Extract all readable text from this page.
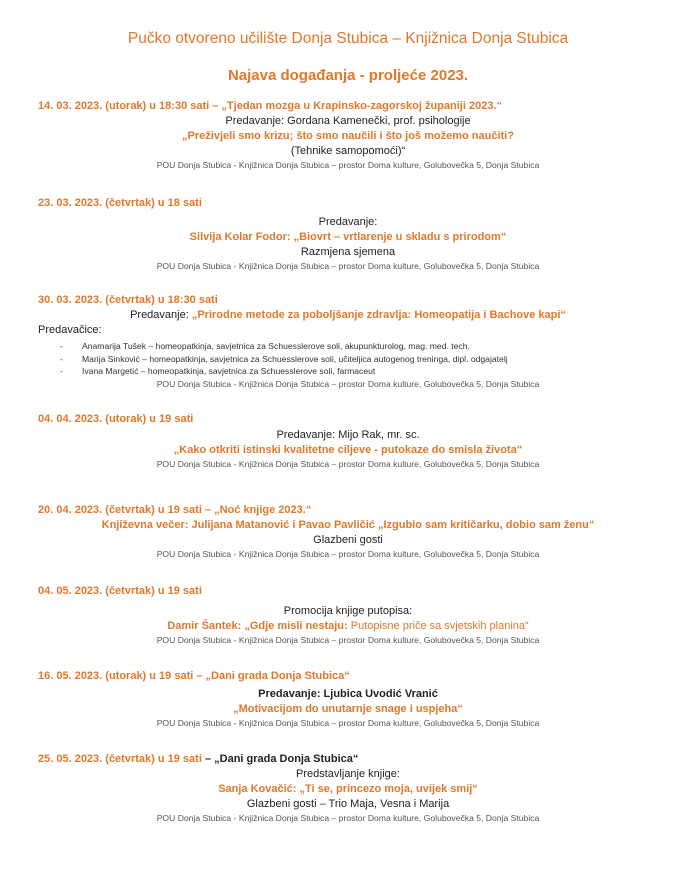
Pučko otvoreno učilište Donja Stubica – Knjižnica Donja Stubica
Najava događanja - proljeće 2023.
14. 03. 2023. (utorak) u 18:30 sati – „Tjedan mozga u Krapinsko-zagorskoj županiji 2023.“
Predavanje: Gordana Kamenečki, prof. psihologije
„Preživjeli smo krizu; što smo naučili i što još možemo naučiti?
(Tehnike samopomoći)“
POU Donja Stubica - Knjižnica Donja Stubica – prostor Doma kulture, Golubovečka 5, Donja Stubica
23. 03. 2023. (četvrtak) u 18 sati
Predavanje:
Silvija Kolar Fodor: „Biovrt – vrtlarenje u skladu s prirodom“
Razmjena sjemena
POU Donja Stubica - Knjižnica Donja Stubica – prostor Doma kulture, Golubovečka 5, Donja Stubica
30. 03. 2023. (četvrtak) u 18:30 sati
Predavanje: „Prirodne metode za poboljšanje zdravlja: Homeopatija i Bachove kapi“
Predavačice:
- Anamarija Tušek – homeopatkinja, savjetnica za Schuesslerove soli, akupunkturolog, mag. med. tech.
- Marija Sinković – homeopatkinja, savjetnica za Schuesslerove soli, učiteljica autogenog treninga, dipl. odgajatelj
- Ivana Margetić – homeopatkinja, savjetnica za Schuesslerove soli, farmaceut
POU Donja Stubica - Knjižnica Donja Stubica – prostor Doma kulture, Golubovečka 5, Donja Stubica
04. 04. 2023. (utorak) u 19 sati
Predavanje: Mijo Rak, mr. sc.
„Kako otkriti istinski kvalitetne ciljeve - putokaze do smisla života“
POU Donja Stubica - Knjižnica Donja Stubica – prostor Doma kulture, Golubovečka 5, Donja Stubica
20. 04. 2023. (četvrtak) u 19 sati – „Noć knjige 2023.“
Književna večer: Julijana Matanović i Pavao Pavličić „Izgubio sam kritičarku, dobio sam ženu“
Glazbeni gosti
POU Donja Stubica - Knjižnica Donja Stubica – prostor Doma kulture, Golubovečka 5, Donja Stubica
04. 05. 2023. (četvrtak) u 19 sati
Promocija knjige putopisa:
Damir Šantek: „Gdje misli nestaju: Putopisne priče sa svjetskih planina“
POU Donja Stubica - Knjižnica Donja Stubica – prostor Doma kulture, Golubovečka 5, Donja Stubica
16. 05. 2023. (utorak) u 19 sati – „Dani grada Donja Stubica“
Predavanje: Ljubica Uvodić Vranić
„Motivacijom do unutarnje snage i uspjeha“
POU Donja Stubica - Knjižnica Donja Stubica – prostor Doma kulture, Golubovečka 5, Donja Stubica
25. 05. 2023. (četvrtak) u 19 sati – „Dani grada Donja Stubica“
Predstavljanje knjige:
Sanja Kovačić: „Ti se, princezo moja, uvijek smij“
Glazbeni gosti – Trio Maja, Vesna i Marija
POU Donja Stubica - Knjižnica Donja Stubica – prostor Doma kulture, Golubovečka 5, Donja Stubica
